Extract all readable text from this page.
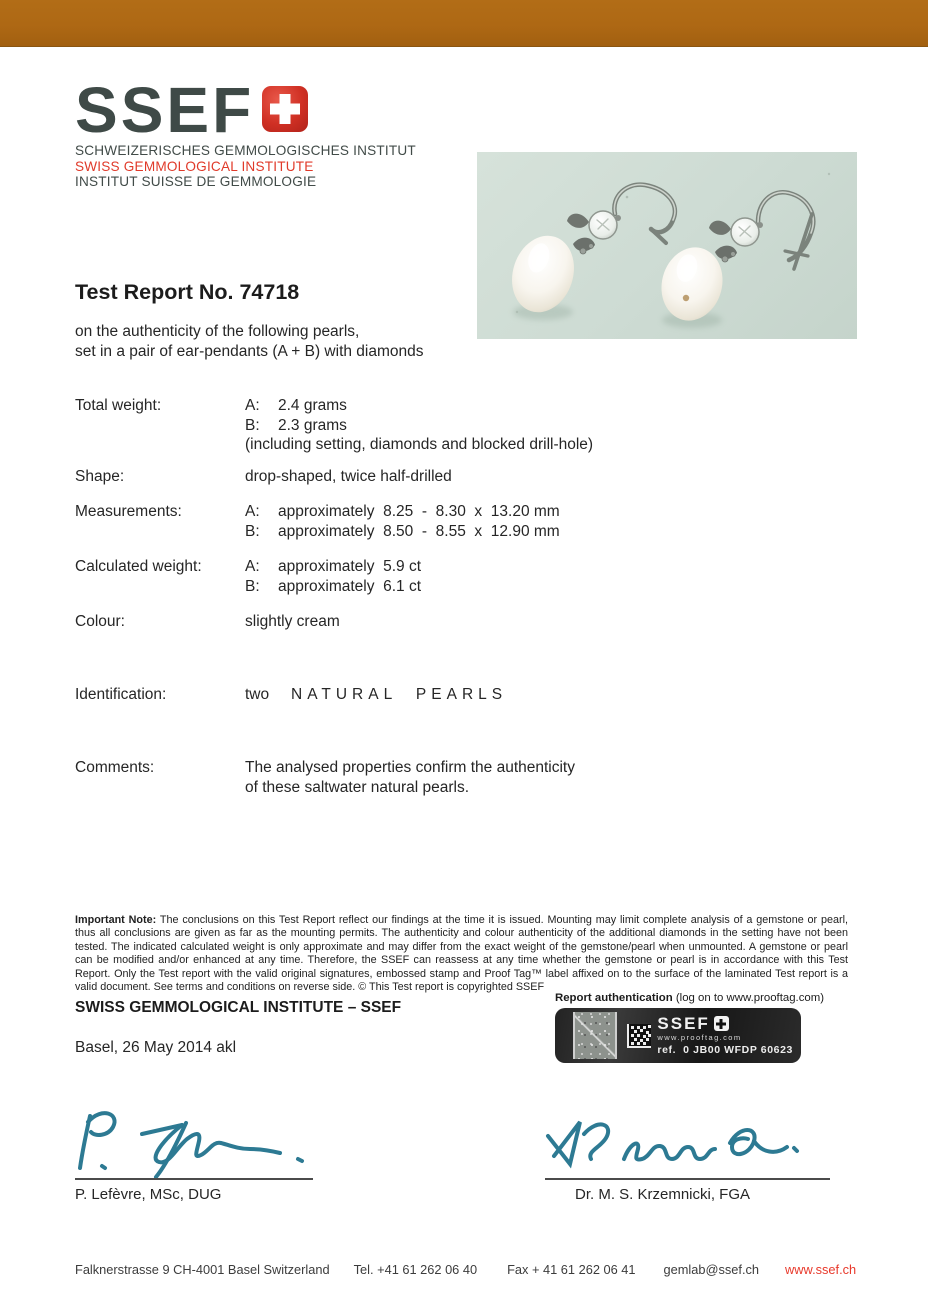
SSEF
SCHWEIZERISCHES GEMMOLOGISCHES INSTITUT
SWISS GEMMOLOGICAL INSTITUTE
INSTITUT SUISSE DE GEMMOLOGIE
Test Report No. 74718
on the authenticity of the following pearls,
set in a pair of ear-pendants (A + B) with diamonds
Total weight:	A:	2.4 grams
B:	2.3 grams
(including setting, diamonds and blocked drill-hole)
Shape:	drop-shaped, twice half-drilled
Measurements:	A:	approximately  8.25  -  8.30  x  13.20 mm
B:	approximately  8.50  -  8.55  x  12.90 mm
Calculated weight:	A:	approximately  5.9 ct
B:	approximately  6.1 ct
Colour:	slightly cream
Identification:	two	NATURAL PEARLS
Comments:	The analysed properties confirm the authenticity
of these saltwater natural pearls.
Important Note: The conclusions on this Test Report reflect our findings at the time it is issued. Mounting may limit complete analysis of a gemstone or pearl, thus all conclusions are given as far as the mounting permits. The authenticity and colour authenticity of the additional diamonds in the setting have not been tested. The indicated calculated weight is only approximate and may differ from the exact weight of the gemstone/pearl when unmounted. A gemstone or pearl can be modified and/or enhanced at any time. Therefore, the SSEF can reassess at any time whether the gemstone or pearl is in accordance with this Test Report. Only the Test report with the valid original signatures, embossed stamp and Proof Tag™ label affixed on to the surface of the laminated Test report is a valid document. See terms and conditions on reverse side. © This Test report is copyrighted SSEF
SWISS GEMMOLOGICAL INSTITUTE – SSEF
Basel, 26 May 2014 akl
Report authentication (log on to www.prooftag.com)
SSEF
www.prooftag.com
ref.  0 JB00 WFDP 60623
P. Lefèvre, MSc, DUG	Dr. M. S. Krzemnicki, FGA
Falknerstrasse 9 CH-4001 Basel Switzerland Tel. +41 61 262 06 40 Fax + 41 61 262 06 41 gemlab@ssef.ch www.ssef.ch
